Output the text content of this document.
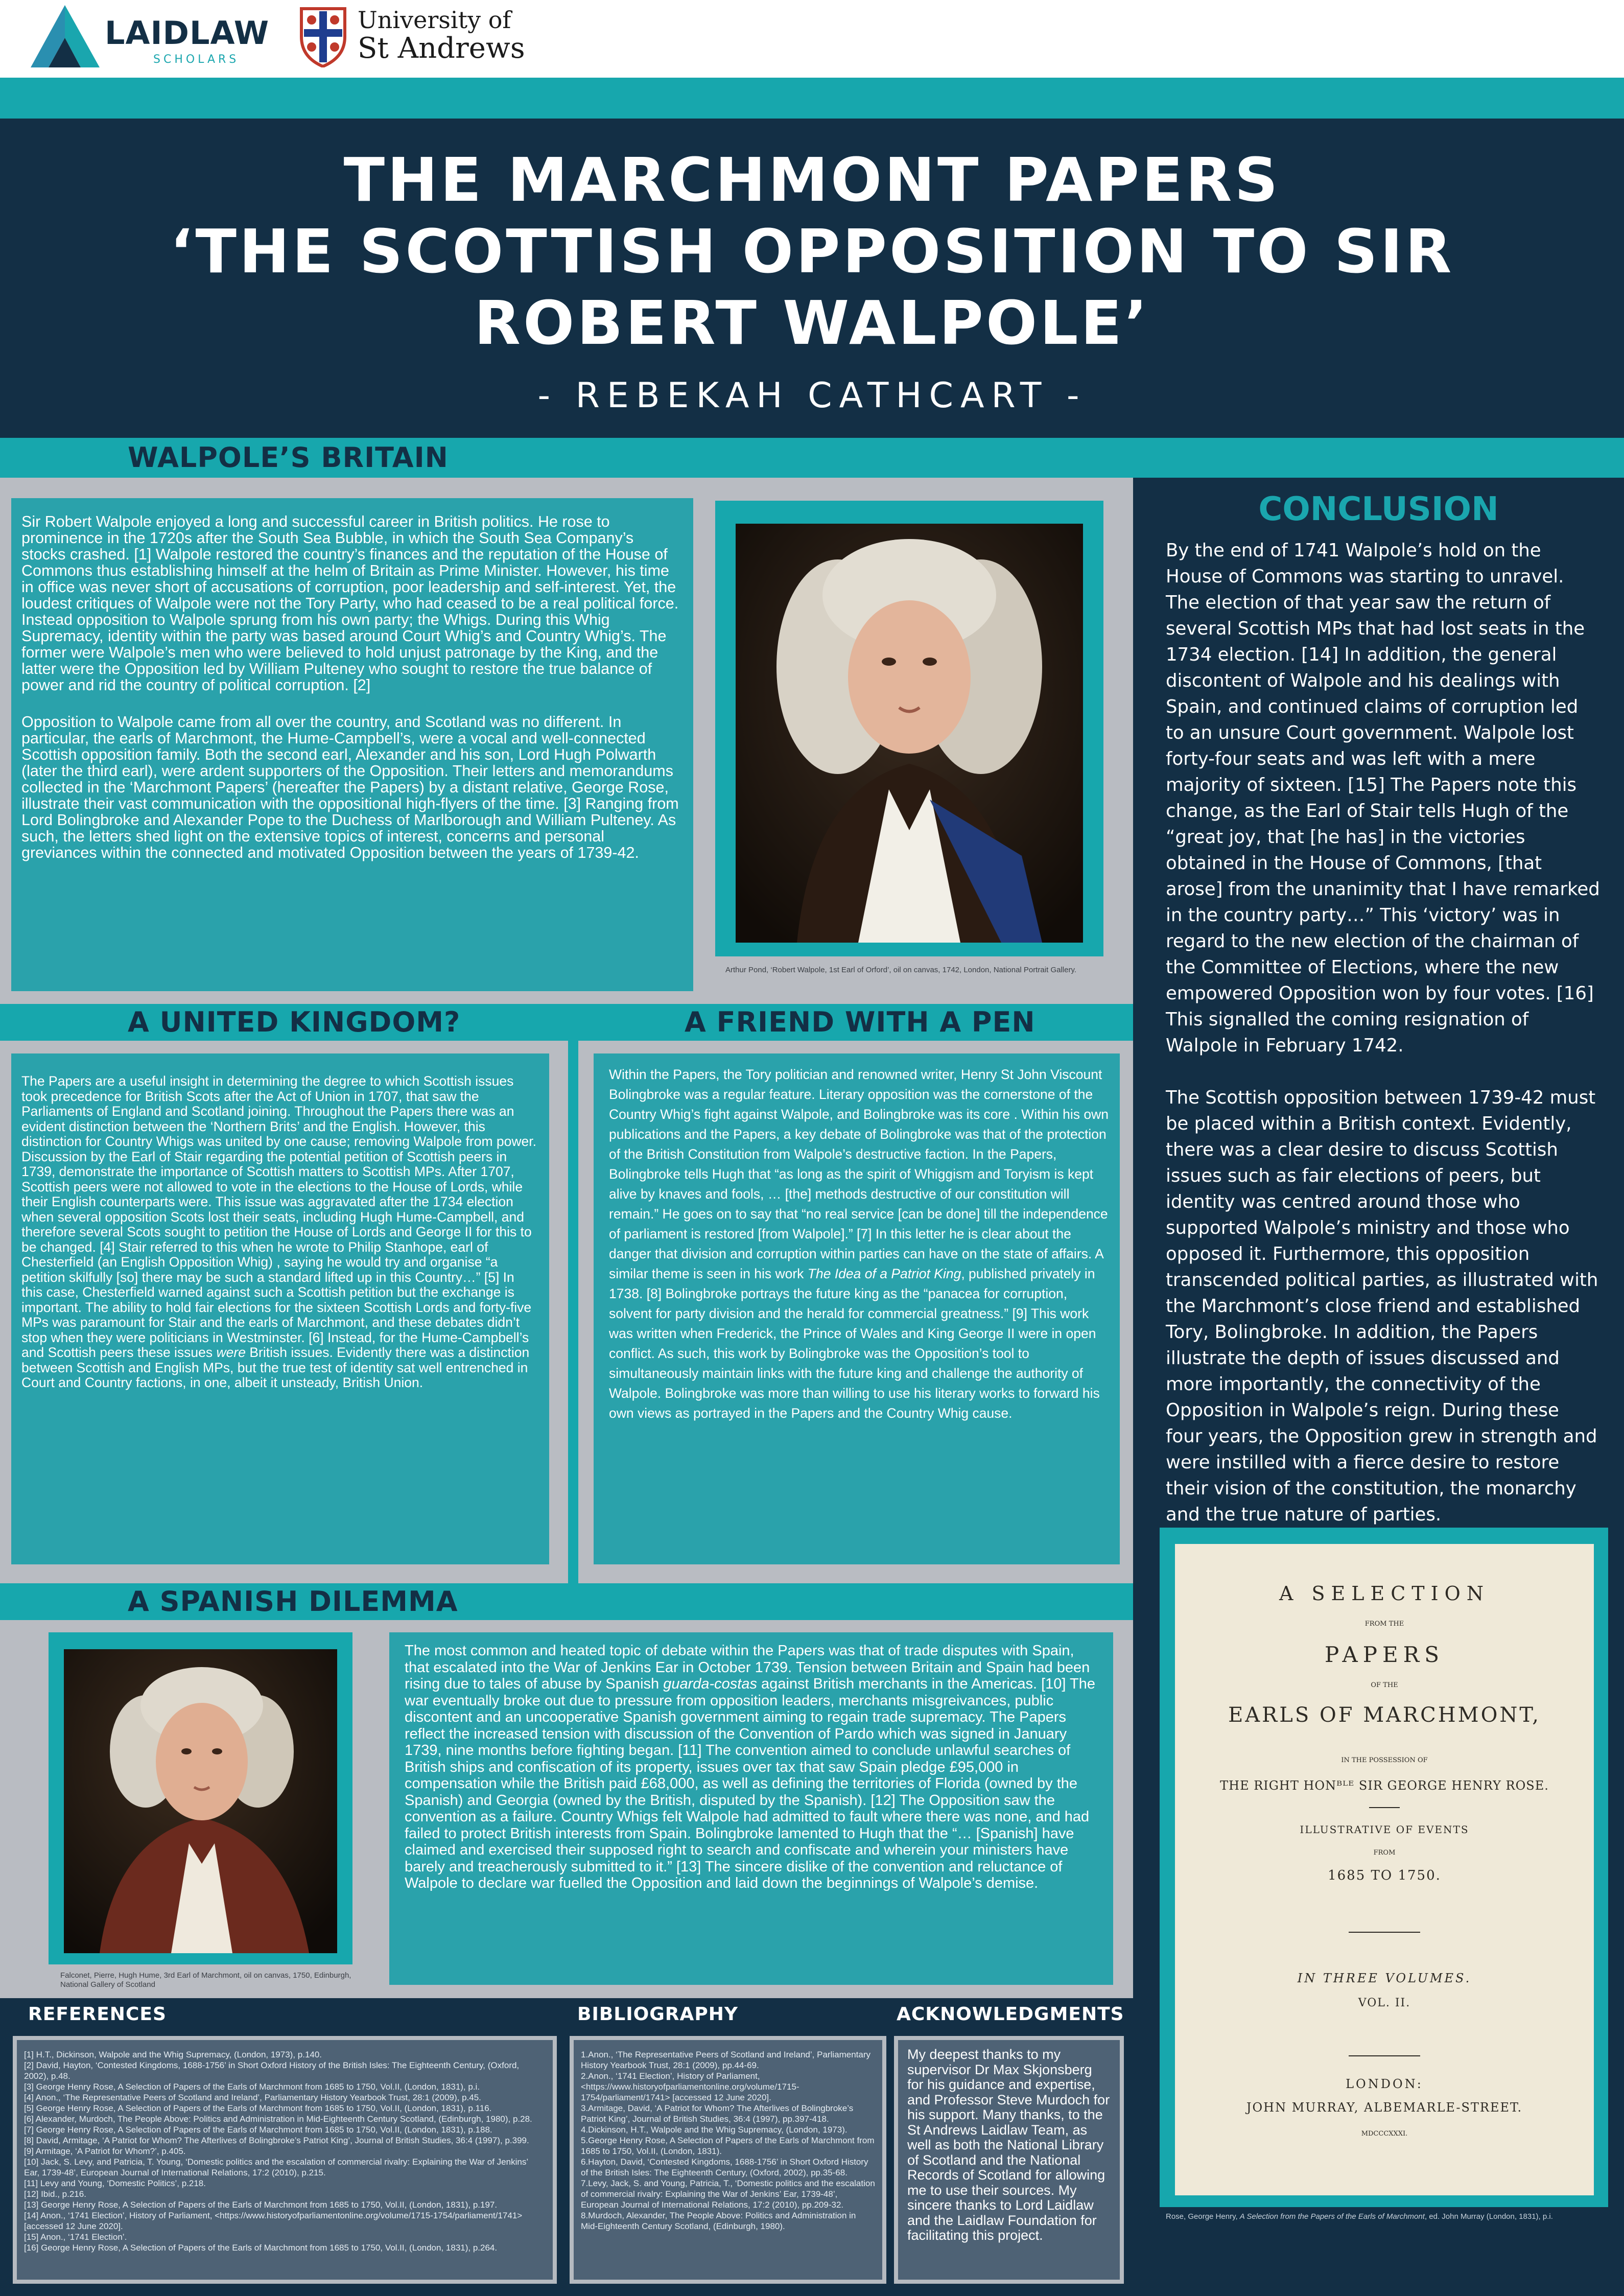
LAIDLAW
SCHOLARS
University of
St Andrews
THE MARCHMONT PAPERS
‘THE SCOTTISH OPPOSITION TO SIR
ROBERT WALPOLE’
- REBEKAH CATHCART -
WALPOLE’S BRITAIN

Sir Robert Walpole enjoyed a long and successful career in British politics. He rose to prominence in the 1720s after the South Sea Bubble, in which the South Sea Company’s stocks crashed. [1] Walpole restored the country’s finances and the reputation of the House of Commons thus establishing himself at the helm of Britain as Prime Minister. However, his time in office was never short of accusations of corruption, poor leadership and self-interest. Yet, the loudest critiques of Walpole were not the Tory Party, who had ceased to be a real political force. Instead opposition to Walpole sprung from his own party; the Whigs. During this Whig Supremacy, identity within the party was based around Court Whig’s and Country Whig’s. The former were Walpole’s men who were believed to hold unjust patronage by the King, and the latter were the Opposition led by William Pulteney who sought to restore the true balance of power and rid the country of political corruption. [2]

Opposition to Walpole came from all over the country, and Scotland was no different. In particular, the earls of Marchmont, the Hume-Campbell’s, were a vocal and well-connected Scottish opposition family. Both the second earl, Alexander and his son, Lord Hugh Polwarth (later the third earl), were ardent supporters of the Opposition. Their letters and memorandums collected in the ‘Marchmont Papers’ (hereafter the Papers) by a distant relative, George Rose, illustrate their vast communication with the oppositional high-flyers of the time. [3] Ranging from Lord Bolingbroke and Alexander Pope to the Duchess of Marlborough and William Pulteney. As such, the letters shed light on the extensive topics of interest, concerns and personal greviances within the connected and motivated Opposition between the years of 1739-42.

Arthur Pond, ‘Robert Walpole, 1st Earl of Orford’, oil on canvas, 1742, London, National Portrait Gallery.
CONCLUSION

By the end of 1741 Walpole’s hold on the House of Commons was starting to unravel. The election of that year saw the return of several Scottish MPs that had lost seats in the 1734 election. [14] In addition, the general discontent of Walpole and his dealings with Spain, and continued claims of corruption led to an unsure Court government. Walpole lost forty-four seats and was left with a mere majority of sixteen. [15] The Papers note this change, as the Earl of Stair tells Hugh of the “great joy, that [he has] in the victories obtained in the House of Commons, [that arose] from the unanimity that I have remarked in the country party…” This ‘victory’ was in regard to the new election of the chairman of the Committee of Elections, where the new empowered Opposition won by four votes. [16] This signalled the coming resignation of Walpole in February 1742.

The Scottish opposition between 1739-42 must be placed within a British context. Evidently, there was a clear desire to discuss Scottish issues such as fair elections of peers, but identity was centred around those who supported Walpole’s ministry and those who opposed it. Furthermore, this opposition transcended political parties, as illustrated with the Marchmont’s close friend and established Tory, Bolingbroke. In addition, the Papers illustrate the depth of issues discussed and more importantly, the connectivity of the Opposition in Walpole’s reign. During these four years, the Opposition grew in strength and were instilled with a fierce desire to restore their vision of the constitution, the monarchy and the true nature of parties.

A SELECTION
FROM THE
PAPERS
OF THE
EARLS OF MARCHMONT,
IN THE POSSESSION OF
THE RIGHT HONᴮᴸᴱ SIR GEORGE HENRY ROSE.
ILLUSTRATIVE OF EVENTS
FROM
1685 TO 1750.
IN THREE VOLUMES.
VOL. II.
LONDON:
JOHN MURRAY, ALBEMARLE-STREET.
MDCCCXXXI.
Rose, George Henry, A Selection from the Papers of the Earls of Marchmont, ed. John Murray (London, 1831), p.i.
A UNITED KINGDOM?	A FRIEND WITH A PEN

The Papers are a useful insight in determining the degree to which Scottish issues took precedence for British Scots after the Act of Union in 1707, that saw the Parliaments of England and Scotland joining. Throughout the Papers there was an evident distinction between the ‘Northern Brits’ and the English. However, this distinction for Country Whigs was united by one cause; removing Walpole from power. Discussion by the Earl of Stair regarding the potential petition of Scottish peers in 1739, demonstrate the importance of Scottish matters to Scottish MPs. After 1707, Scottish peers were not allowed to vote in the elections to the House of Lords, while their English counterparts were. This issue was aggravated after the 1734 election when several opposition Scots lost their seats, including Hugh Hume-Campbell, and therefore several Scots sought to petition the House of Lords and George II for this to be changed. [4] Stair referred to this when he wrote to Philip Stanhope, earl of Chesterfield (an English Opposition Whig) , saying he would try and organise “a petition skilfully [so] there may be such a standard lifted up in this Country…” [5] In this case, Chesterfield warned against such a Scottish petition but the exchange is important. The ability to hold fair elections for the sixteen Scottish Lords and forty-five MPs was paramount for Stair and the earls of Marchmont, and these debates didn’t stop when they were politicians in Westminster. [6] Instead, for the Hume-Campbell’s and Scottish peers these issues were British issues. Evidently there was a distinction between Scottish and English MPs, but the true test of identity sat well entrenched in Court and Country factions, in one, albeit it unsteady, British Union.

Within the Papers, the Tory politician and renowned writer, Henry St John Viscount Bolingbroke was a regular feature. Literary opposition was the cornerstone of the Country Whig’s fight against Walpole, and Bolingbroke was its core . Within his own publications and the Papers, a key debate of Bolingbroke was that of the protection of the British Constitution from Walpole’s destructive faction. In the Papers, Bolingbroke tells Hugh that “as long as the spirit of Whiggism and Toryism is kept alive by knaves and fools, … [the] methods destructive of our constitution will remain.” He goes on to say that “no real service [can be done] till the independence of parliament is restored [from Walpole].” [7] In this letter he is clear about the danger that division and corruption within parties can have on the state of affairs. A similar theme is seen in his work The Idea of a Patriot King, published privately in 1738. [8] Bolingbroke portrays the future king as the “panacea for corruption, solvent for party division and the herald for commercial greatness.” [9] This work was written when Frederick, the Prince of Wales and King George II were in open conflict. As such, this work by Bolingbroke was the Opposition’s tool to simultaneously maintain links with the future king and challenge the authority of Walpole. Bolingbroke was more than willing to use his literary works to forward his own views as portrayed in the Papers and the Country Whig cause.

A SPANISH DILEMMA
Falconet, Pierre, Hugh Hume, 3rd Earl of Marchmont, oil on canvas, 1750, Edinburgh,
National Gallery of Scotland

The most common and heated topic of debate within the Papers was that of trade disputes with Spain, that escalated into the War of Jenkins Ear in October 1739. Tension between Britain and Spain had been rising due to tales of abuse by Spanish guarda-costas against British merchants in the Americas. [10] The war eventually broke out due to pressure from opposition leaders, merchants misgreivances, public discontent and an uncooperative Spanish government aiming to regain trade supremacy. The Papers reflect the increased tension with discussion of the Convention of Pardo which was signed in January 1739, nine months before fighting began. [11] The convention aimed to conclude unlawful searches of British ships and confiscation of its property, issues over tax that saw Spain pledge £95,000 in compensation while the British paid £68,000, as well as defining the territories of Florida (owned by the Spanish) and Georgia (owned by the British, disputed by the Spanish). [12] The Opposition saw the convention as a failure. Country Whigs felt Walpole had admitted to fault where there was none, and had failed to protect British interests from Spain. Bolingbroke lamented to Hugh that the “… [Spanish] have claimed and exercised their supposed right to search and confiscate and wherein your ministers have barely and treacherously submitted to it.” [13] The sincere dislike of the convention and reluctance of Walpole to declare war fuelled the Opposition and laid down the beginnings of Walpole’s demise.

REFERENCES	BIBLIOGRAPHY	ACKNOWLEDGMENTS
[1] H.T., Dickinson, Walpole and the Whig Supremacy, (London, 1973), p.140.
[2] David, Hayton, ‘Contested Kingdoms, 1688-1756’ in Short Oxford History of the British Isles: The Eighteenth Century, (Oxford, 2002), p.48.
[3] George Henry Rose, A Selection of Papers of the Earls of Marchmont from 1685 to 1750, Vol.II, (London, 1831), p.i.
[4] Anon., ‘The Representative Peers of Scotland and Ireland’, Parliamentary History Yearbook Trust, 28:1 (2009), p.45.
[5] George Henry Rose, A Selection of Papers of the Earls of Marchmont from 1685 to 1750, Vol.II, (London, 1831), p.116.
[6] Alexander, Murdoch, The People Above: Politics and Administration in Mid-Eighteenth Century Scotland, (Edinburgh, 1980), p.28.
[7] George Henry Rose, A Selection of Papers of the Earls of Marchmont from 1685 to 1750, Vol.II, (London, 1831), p.188.
[8] David, Armitage, ‘A Patriot for Whom? The Afterlives of Bolingbroke’s Patriot King’, Journal of British Studies, 36:4 (1997), p.399.
[9] Armitage, ‘A Patriot for Whom?’, p.405.
[10] Jack, S. Levy, and Patricia, T. Young, ‘Domestic politics and the escalation of commercial rivalry: Explaining the War of Jenkins’ Ear, 1739-48’, European Journal of International Relations, 17:2 (2010), p.215.
[11] Levy and Young, ‘Domestic Politics’, p.218.
[12] Ibid., p.216.
[13] George Henry Rose, A Selection of Papers of the Earls of Marchmont from 1685 to 1750, Vol.II, (London, 1831), p.197.
[14] Anon., ‘1741 Election’, History of Parliament, <https://www.historyofparliamentonline.org/volume/1715-1754/parliament/1741> [accessed 12 June 2020].
[15] Anon., ‘1741 Election’.
[16] George Henry Rose, A Selection of Papers of the Earls of Marchmont from 1685 to 1750, Vol.II, (London, 1831), p.264.
1.Anon., ‘The Representative Peers of Scotland and Ireland’, Parliamentary History Yearbook Trust, 28:1 (2009), pp.44-69.
2.Anon., ‘1741 Election’, History of Parliament, <https://www.historyofparliamentonline.org/volume/1715-1754/parliament/1741> [accessed 12 June 2020].
3.Armitage, David, ‘A Patriot for Whom? The Afterlives of Bolingbroke’s Patriot King’, Journal of British Studies, 36:4 (1997), pp.397-418.
4.Dickinson, H.T., Walpole and the Whig Supremacy, (London, 1973).
5.George Henry Rose, A Selection of Papers of the Earls of Marchmont from 1685 to 1750, Vol.II, (London, 1831).
6.Hayton, David, ‘Contested Kingdoms, 1688-1756’ in Short Oxford History of the British Isles: The Eighteenth Century, (Oxford, 2002), pp.35-68.
7.Levy, Jack, S. and Young, Patricia, T., ‘Domestic politics and the escalation of commercial rivalry: Explaining the War of Jenkins’ Ear, 1739-48’, European Journal of International Relations, 17:2 (2010), pp.209-32.
8.Murdoch, Alexander, The People Above: Politics and Administration in Mid-Eighteenth Century Scotland, (Edinburgh, 1980).
My deepest thanks to my supervisor Dr Max Skjonsberg for his guidance and expertise, and Professor Steve Murdoch for his support. Many thanks, to the St Andrews Laidlaw Team, as well as both the National Library of Scotland and the National Records of Scotland for allowing me to use their sources. My sincere thanks to Lord Laidlaw and the Laidlaw Foundation for facilitating this project.
